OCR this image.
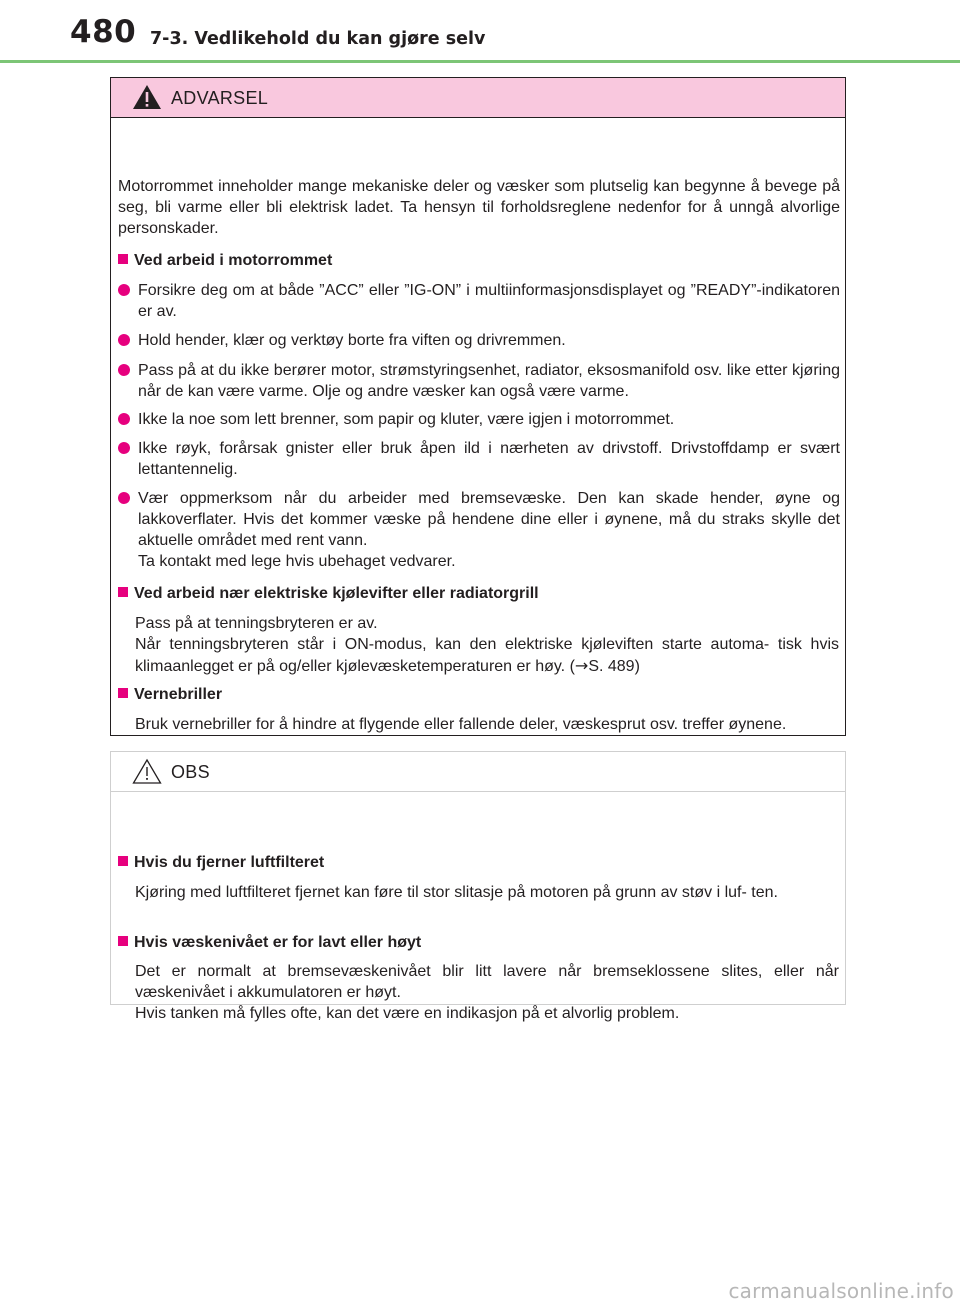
480 7-3. Vedlikehold du kan gjøre selv
ADVARSEL
Motorrommet inneholder mange mekaniske deler og væsker som plutselig kan begynne å bevege på seg, bli varme eller bli elektrisk ladet. Ta hensyn til forholdsreglene nedenfor for å unngå alvorlige personskader.
Ved arbeid i motorrommet
Forsikre deg om at både ”ACC” eller ”IG-ON” i multiinformasjonsdisplayet og ”READY”-indikatoren er av.
Hold hender, klær og verktøy borte fra viften og drivremmen.
Pass på at du ikke berører motor, strømstyringsenhet, radiator, eksosmanifold osv. like etter kjøring når de kan være varme. Olje og andre væsker kan også være varme.
Ikke la noe som lett brenner, som papir og kluter, være igjen i motorrommet.
Ikke røyk, forårsak gnister eller bruk åpen ild i nærheten av drivstoff. Drivstoffdamp er svært lettantennelig.
Vær oppmerksom når du arbeider med bremsevæske. Den kan skade hender, øyne og lakkoverflater. Hvis det kommer væske på hendene dine eller i øynene, må du straks skylle det aktuelle området med rent vann.
Ta kontakt med lege hvis ubehaget vedvarer.
Ved arbeid nær elektriske kjølevifter eller radiatorgrill
Pass på at tenningsbryteren er av.
Når tenningsbryteren står i ON-modus, kan den elektriske kjøleviften starte automa- tisk hvis klimaanlegget er på og/eller kjølevæsketemperaturen er høy. (→S. 489)
Vernebriller
Bruk vernebriller for å hindre at flygende eller fallende deler, væskesprut osv. treffer øynene.
OBS
Hvis du fjerner luftfilteret
Kjøring med luftfilteret fjernet kan føre til stor slitasje på motoren på grunn av støv i luf- ten.
Hvis væskenivået er for lavt eller høyt
Det er normalt at bremsevæskenivået blir litt lavere når bremseklossene slites, eller når væskenivået i akkumulatoren er høyt.
Hvis tanken må fylles ofte, kan det være en indikasjon på et alvorlig problem.
carmanualsonline.info
